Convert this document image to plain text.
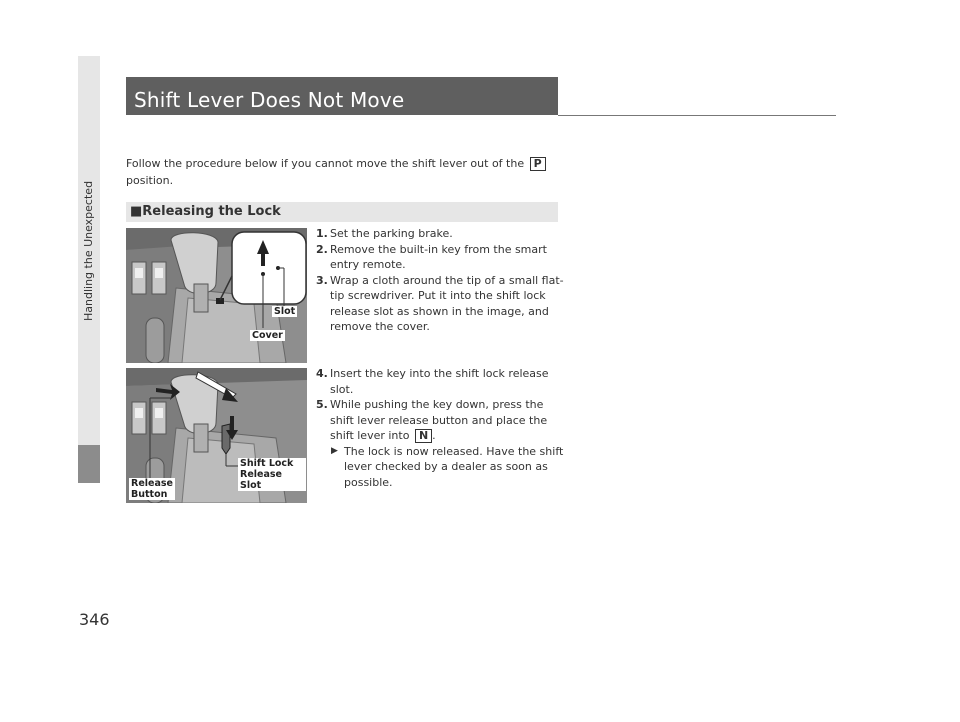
Handling the Unexpected
346
Shift Lever Does Not Move
Follow the procedure below if you cannot move the shift lever out of the P
position.
■Releasing the Lock
Slot
Cover
1. Set the parking brake.
2. Remove the built-in key from the smart entry remote.
3. Wrap a cloth around the tip of a small flat-tip screwdriver. Put it into the shift lock release slot as shown in the image, and remove the cover.
Shift Lock Release Slot
Release Button
4. Insert the key into the shift lock release slot.
5. While pushing the key down, press the shift lever release button and place the shift lever into N .
▶ The lock is now released. Have the shift lever checked by a dealer as soon as possible.
